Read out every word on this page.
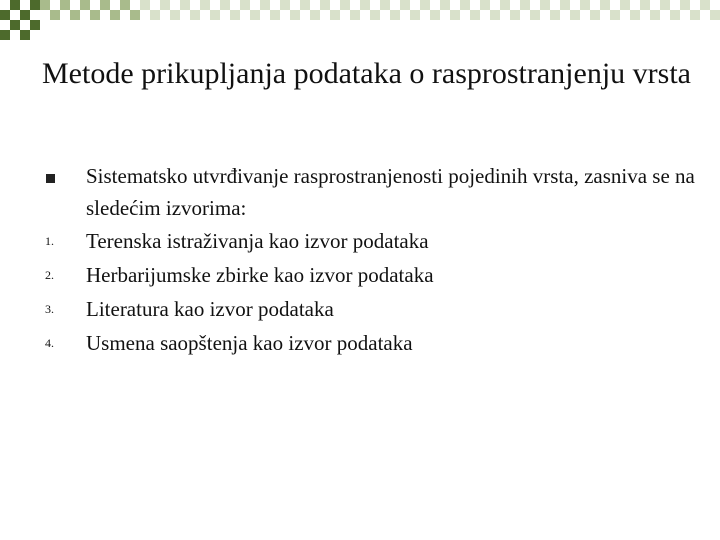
Metode prikupljanja podataka o rasprostranjenju vrsta
Sistematsko utvrđivanje rasprostranjenosti pojedinih vrsta, zasniva se na sledećim izvorima:
1. Terenska istraživanja kao izvor podataka
2. Herbarijumske zbirke kao izvor podataka
3. Literatura kao izvor podataka
4. Usmena saopštenja kao izvor podataka
